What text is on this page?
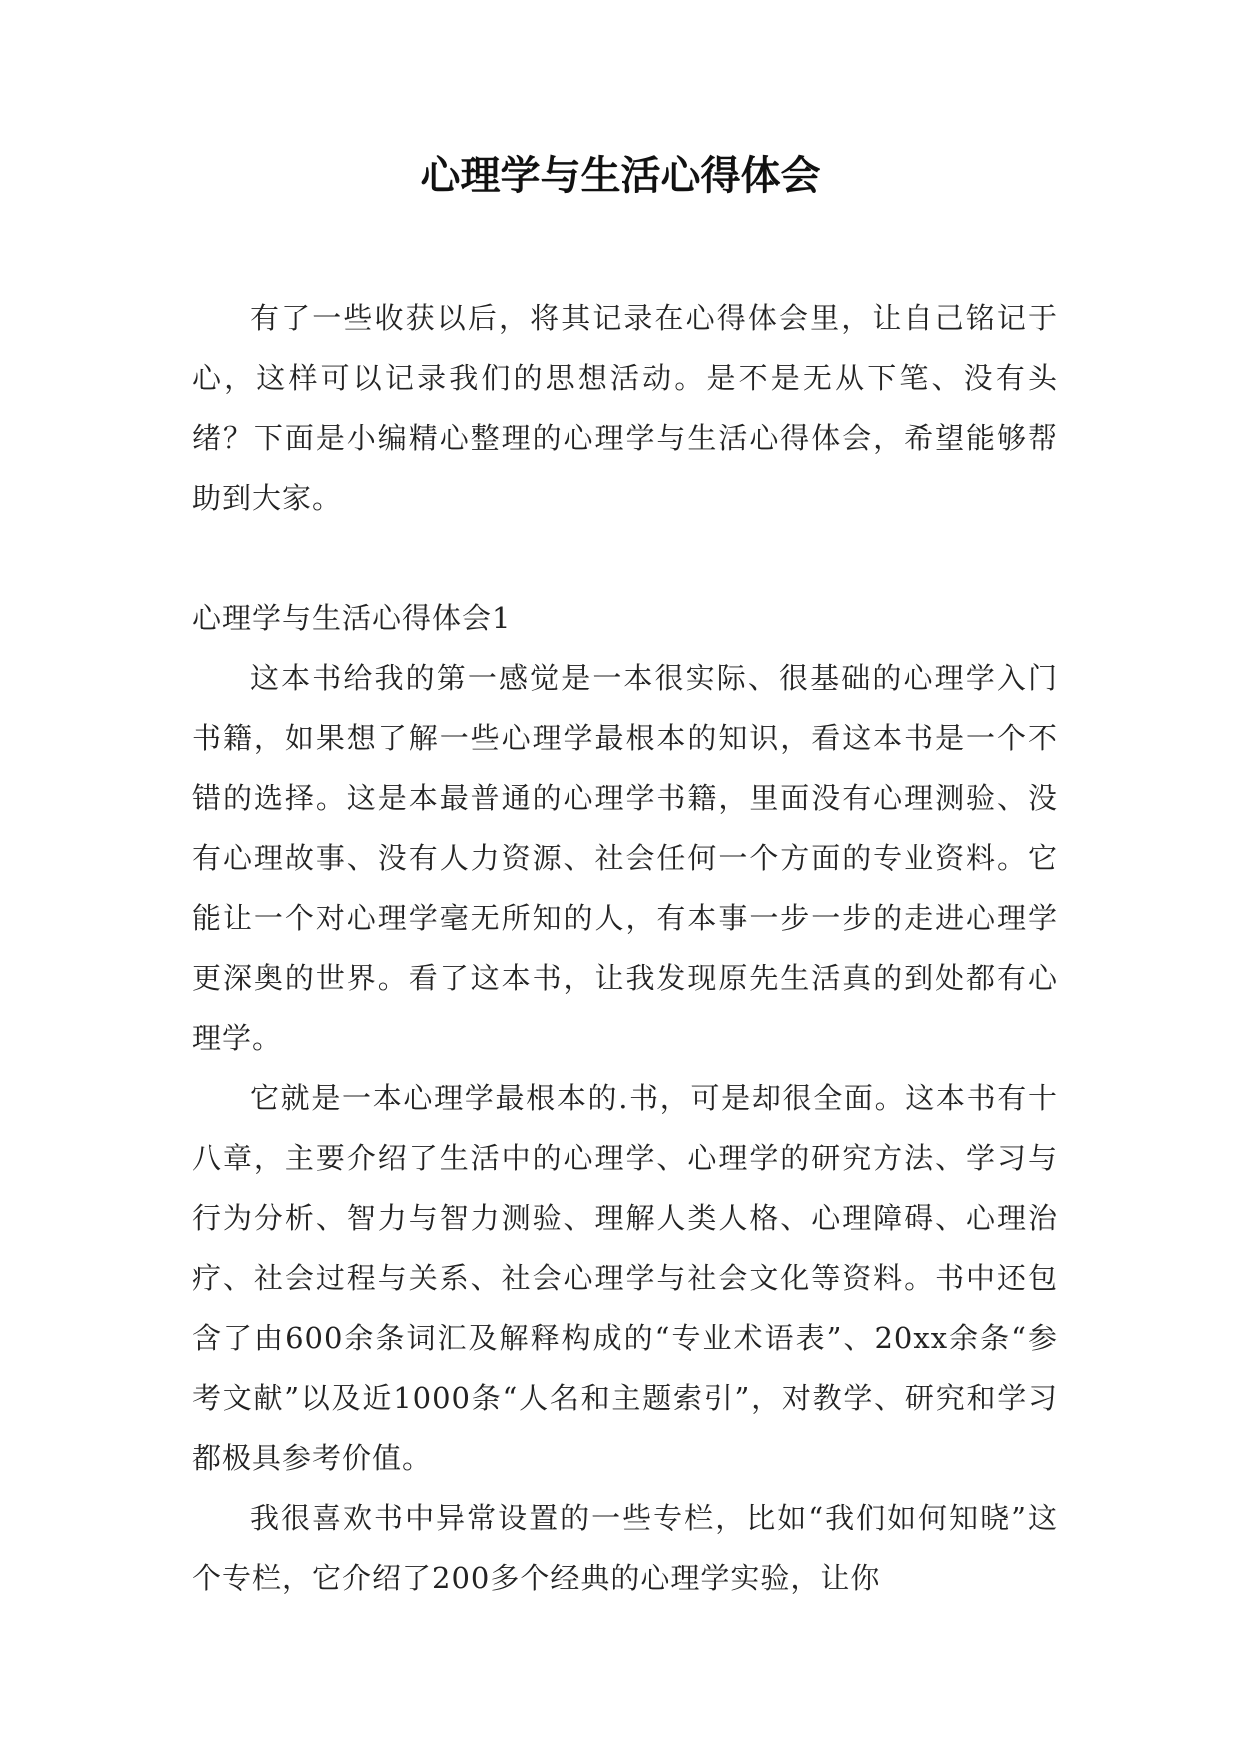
心理学与生活心得体会

有了一些收获以后，将其记录在心得体会里，让自己铭记于心，这样可以记录我们的思想活动。是不是无从下笔、没有头绪？下面是小编精心整理的心理学与生活心得体会，希望能够帮助到大家。

心理学与生活心得体会1

这本书给我的第一感觉是一本很实际、很基础的心理学入门书籍，如果想了解一些心理学最根本的知识，看这本书是一个不错的选择。这是本最普通的心理学书籍，里面没有心理测验、没有心理故事、没有人力资源、社会任何一个方面的专业资料。它能让一个对心理学毫无所知的人，有本事一步一步的走进心理学更深奥的世界。看了这本书，让我发现原先生活真的到处都有心理学。

它就是一本心理学最根本的.书，可是却很全面。这本书有十八章，主要介绍了生活中的心理学、心理学的研究方法、学习与行为分析、智力与智力测验、理解人类人格、心理障碍、心理治疗、社会过程与关系、社会心理学与社会文化等资料。书中还包含了由600余条词汇及解释构成的“专业术语表”、20xx余条“参考文献”以及近1000条“人名和主题索引”，对教学、研究和学习都极具参考价值。

我很喜欢书中异常设置的一些专栏，比如“我们如何知晓”这个专栏，它介绍了200多个经典的心理学实验，让你
